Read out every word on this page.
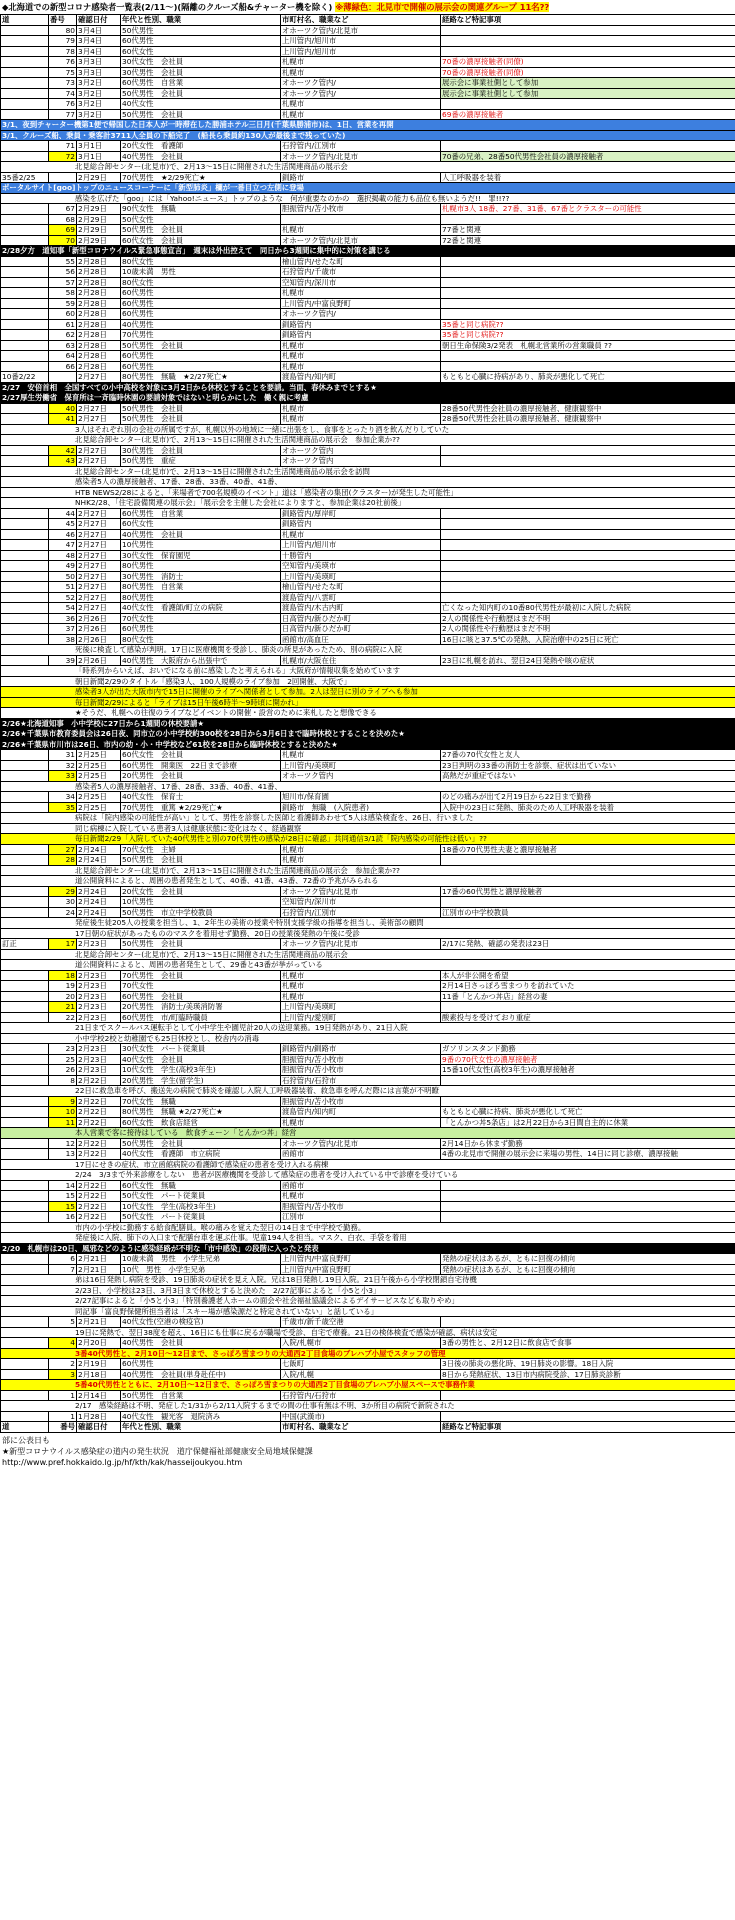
◆北海道での新型コロナ感染者一覧表(2/11〜)(隔離のクルーズ船&チャーター機を除く) ※薄緑色：北見市で開催の展示会の関連グループ 11名??
道	番号	確認日付	年代と性別、職業	市町村名、職業など	経路など特記事項
	80	3月4日	50代男性	オホーツク管内/北見市	
	79	3月4日	60代男性	上川管内/旭川市	
	78	3月4日	60代女性	上川管内/旭川市	
	76	3月3日	30代女性　会社員	札幌市	70番の濃厚接触者(同僚)
	75	3月3日	30代男性　会社員	札幌市	70番の濃厚接触者(同僚)
	73	3月2日	60代男性　自営業	オホーツク管内/	展示会に事業社側として参加
	74	3月2日	50代男性　会社員	オホーツク管内/	展示会に事業社側として参加
	76	3月2日	40代女性	札幌市	
	77	3月2日	50代男性　会社員	札幌市	69番の濃厚接触者
3/1、夜到チャーター機第1便で帰国した日本人が一時滞在した勝浦ホテル三日月(千葉県勝浦市)は、1日、営業を再開					
3/1、クルーズ船、乗員・乗客計3711人全員の下船完了　(船長ら乗員約130人が最後まで残っていた)					
	71	3月1日	20代女性　看護師	石狩管内/江別市	
	72	3月1日	40代男性　会社員	オホーツク管内/北見市	70番の兄弟、28番50代男性会社員の濃厚接触者
北見総合卸センター(北見市)で、2月13〜15日に開催された生活関連商品の展示会					
35番2/25		2月29日	70代男性　★2/29死亡★	釧路市	人工呼吸器を装着
ポータルサイト[goo]トップのニュースコーナーに「新型肺炎」欄が一番目立つ左側に登場					
感染を広げた「goo」には「Yahoo!ニュース」トップのような　何が重要なのかの　選択掲載の能力も品位も無いようだ!!　罪!!??					
	67	2月29日	90代女性　無職	胆振管内/苫小牧市	札幌市3人 18番、27番、31番、67番とクラスターの可能性
	68	2月29日	50代女性		
	69	2月29日	50代男性　会社員	札幌市	77番と関連
	70	2月29日	60代女性　会社員	オホーツク管内/北見市	72番と関連
2/28夕方　道知事「新型コロナウイルス緊急事態宣言」　週末は外出控えて　同日から3週間に集中的に対策を講じる					
	55	2月28日	80代女性	檜山管内/せたな町	
	56	2月28日	10歳未満　男性	石狩管内/千歳市	
	57	2月28日	80代女性	空知管内/深川市	
	58	2月28日	60代男性	札幌市	
	59	2月28日	60代男性	上川管内/中富良野町	
	60	2月28日	60代男性	オホーツク管内/	
	61	2月28日	40代男性	釧路管内	35番と同じ病院??
	62	2月28日	70代男性	釧路管内	35番と同じ病院??
	63	2月28日	50代男性　会社員	札幌市	朝日生命保険3/2発表　札幌北営業所の営業職員 ??
	64	2月28日	60代男性	札幌市	
	66	2月28日	60代男性	札幌市	
10番2/22		2月27日	80代男性　無職　★2/27死亡★	渡島管内/知内町	もともと心臓に持病があり、肺炎が悪化して死亡
2/27　安倍首相　全国すべての小中高校を対象に3月2日から休校とすることを要請。当面、春休みまでとする★					
2/27厚生労働省　保育所は一斉臨時休園の要請対象ではないと明らかにした　働く親に考慮					
	40	2月27日	50代男性　会社員	札幌市	28番50代男性会社員の濃厚接触者、健康観察中
	41	2月27日	50代男性　会社員	札幌市	28番50代男性会社員の濃厚接触者、健康観察中
3人はそれぞれ別の会社の所属ですが、札幌以外の地域に一緒に出張をし、食事をとったり酒を飲んだりしていた					
北見総合卸センター(北見市)で、2月13〜15日に開催された生活関連商品の展示会　参加企業か??					
	42	2月27日	30代男性　会社員	オホーツク管内	
	43	2月27日	50代男性　重症	オホーツク管内	
北見総合卸センター(北見市)で、2月13〜15日に開催された生活関連商品の展示会を訪問					
感染者5人の濃厚接触者、17番、28番、33番、40番、41番、					
HTB NEWS2/28によると、「来場者で700名規模のイベント」道は「感染者の集団(クラスター)が発生した可能性」					
NHK2/28、「住宅設備関連の展示会」「展示会を主催した会社によりますと、参加企業は20社前後」					
	44	2月27日	60代男性　自営業	釧路管内/厚岸町	
	45	2月27日	60代女性	釧路管内	
	46	2月27日	40代男性　会社員	札幌市	
	47	2月27日	10代男性	上川管内/旭川市	
	48	2月27日	30代女性　保育園児	十勝管内	
	49	2月27日	80代男性	空知管内/美瑛市	
	50	2月27日	30代男性　消防士	上川管内/美瑛町	
	51	2月27日	80代男性　自営業	檜山管内/せたな町	
	52	2月27日	80代男性	渡島管内/八雲町	
	54	2月27日	40代女性　看護師/町立の病院	渡島管内/木古内町	亡くなった知内町の10番80代男性が最初に入院した病院
	36	2月26日	70代女性	日高管内/新ひだか町	2人の関係性や行動歴はまだ不明
	37	2月26日	60代男性	日高管内/新ひだか町	2人の関係性や行動歴はまだ不明
	38	2月26日	80代女性	函館市/高血圧	16日に咳と37.5℃の発熱、入院治療中の25日に死亡
死後に検査して感染が判明。17日に医療機関を受診し、肺炎の所見があったため、別の病院に入院					
	39	2月26日	40代男性　大阪府から出張中で	札幌市/大阪在住	23日に札幌を訪れ、翌日24日発熱や咳の症状
「時系列からいえば、おいでになる前に感染したと考えられる」大阪府が情報収集を始めています					
朝日新聞2/29のタイトル「感染3人、100人規模のライブ参加　2回開催、大阪で」					
感染者3人が出た大阪市内で15日に開催のライブへ関係者として参加。2人は翌日に別のライブへも参加					
毎日新聞2/29によると「ライブは15日午後6時半〜9時頃に開かれ」					
★そうだ、札幌への往復のライブなどイベントの開催・設営のために来札したと想像できる					
2/26★北海道知事　小中学校に27日から1週間の休校要請★					
2/26★千葉県市教育委員会は26日夜、同市立の小中学校約300校を28日から3月6日まで臨時休校とすることを決めた★					
2/26★千葉県市川市は26日、市内の幼・小・中学校など61校を28日から臨時休校とすると決めた★					
	31	2月25日	60代女性　会社員	札幌市	27番の70代女性と友人
	32	2月25日	60代男性　開業医　22日まで診療	上川管内/美瑛町	23日判明の33番の消防士を診察、症状は出ていない
	33	2月25日	20代男性　会社員	オホーツク管内	高熱だが重症ではない
感染者5人の濃厚接触者、17番、28番、33番、40番、41番、					
	34	2月25日	40代女性　保育士	旭川市/保育園	のどの痛みが出て2月19日から22日まで勤務
	35	2月25日	70代男性　重篤 ★2/29死亡★	釧路市　無職　(入院患者)	入院中の23日に発熱、肺炎のため人工呼吸器を装着
病院は「院内感染の可能性が高い」として、男性を診察した医師と看護師あわせて5人は感染検査を、26日、行いました					
同じ病棟に入院している患者3人は健康状態に変化はなく、経過観察					
毎日新聞2/29「入院していた40代男性と別の70代男性の感染が28日に確認」共同通信3/1読「院内感染の可能性は低い」??					
	27	2月24日	70代女性　主婦	札幌市	18番の70代男性夫妻と濃厚接触者
	28	2月24日	50代男性　会社員	札幌市	
北見総合卸センター(北見市)で、2月13〜15日に開催された生活関連商品の展示会　参加企業か??					
道公開資料によると、周囲の患者発生として、40番、41番、43番、72番の予兆がみられる					
	29	2月24日	20代女性　会社員	オホーツク管内/北見市	17番の60代男性と濃厚接触者
	30	2月24日	10代男性	空知管内/深川市	
	24	2月24日	50代男性　市立中学校教員	石狩管内/江別市	江別市の中学校教員
発症後生徒205人の授業を担当し、1、2年生の美術の授業や特別支援学級の指導を担当し、美術部の顧問					
17日朝の症状があったもののマスクを着用せず勤務、20日の授業後発熱の午後に受診					
訂正	17	2月23日	50代男性　会社員	オホーツク管内/北見市	2/17に発熱、確認の発表は23日
北見総合卸センター(北見市)で、2月13〜15日に開催された生活関連商品の展示会					
道公開資料によると、周囲の患者発生として、29番と43番が挙がっている					
	18	2月23日	70代男性　会社員	札幌市	本人が非公開を希望
	19	2月23日	70代女性	札幌市	2月14日さっぽろ雪まつりを訪れていた
	20	2月23日	60代男性　会社員	札幌市	11番「とんかつ丼店」経営の妻
	21	2月23日	20代男性　消防士/美瑛消防署	上川管内/美瑛町	
	22	2月23日	60代男性　市/町臨時職員	上川管内/愛別町	酸素投与を受けており重症
21日までスクールバス運転手として小中学生や園児計20人の送迎業務。19日発熱があり、21日入院					
小中学校2校と幼稚園でも25日休校とし、校舎内の消毒					
	23	2月23日	30代女性　パート従業員	釧路管内/釧路市	ガソリンスタンド勤務
	25	2月23日	40代女性　会社員	胆振管内/苫小牧市	9番の70代女性の濃厚接触者
	26	2月23日	10代女性　学生(高校3年生)	胆振管内/苫小牧市	15番10代女性(高校3年生)の濃厚接触者
	8	2月22日	20代男性　学生(留学生)	石狩管内/石狩市	
22日に救急車を呼び、搬送先の病院で肺炎を確認し入院人工呼吸器装着、救急車を呼んだ際には言葉が不明瞭					
	9	2月22日	70代女性　無職	胆振管内/苫小牧市	
	10	2月22日	80代男性　無職 ★2/27死亡★	渡島管内/知内町	もともと心臓に持病、肺炎が悪化して死亡
	11	2月22日	60代女性　飲食店経営	札幌市	「とんかつ丼5条店」は2月22日から3日間自主的に休業
本人営業で客に接待はしている　飲食チェーン「とんかつ丼」経営					
	12	2月22日	50代男性　会社員	オホーツク管内/北見市	2月14日から休まず勤務
	13	2月22日	40代女性　看護師　市立病院	函館市	4番の北見市で開催の展示会に来場の男性、14日に同じ診療、濃厚接触
17日にせきの症状、市立函館病院の看護師で感染症の患者を受け入れる病棟					
2/24　3/3まで外来診療をしない　患者が医療機関を受診して感染症の患者を受け入れている中で診療を受けている					
	14	2月22日	60代女性　無職	函館市	
	15	2月22日	50代女性　パート従業員	札幌市	
	15	2月22日	10代女性　学生(高校3年生)	胆振管内/苫小牧市	
	16	2月22日	50代女性　パート従業員	江別市	
市内の小学校に勤務する給食配膳員。喉の痛みを覚えた翌日の14日まで中学校で勤務。					
発症後に入院、肺下の入口まで配膳台車を運ぶ仕事。児童194人を担当。マスク、白衣、手袋を着用					
2/20　札幌市は20日、風邪などのように感染経路が不明な「市中感染」の段階に入ったと発表					
	6	2月21日	10歳未満　男性　小学生兄弟	上川管内/中富良野町	発熱の症状はあるが、ともに回復の傾向
	7	2月21日	10代　男性　小学生兄弟	上川管内/中富良野町	発熱の症状はあるが、ともに回復の傾向
弟は16日発熱し病院を受診、19日肺炎の症状を見え入院。兄は18日発熱し19日入院。21日午後から小学校閉鎖自宅待機					
2/23日、小学校は23日、3月3日まで休校とすると決めた　2/27記事によると「小5と小3」					
2/27記事によると「小5と小3」「特別養護老人ホームの面会や社会福祉協議会によるデイサービスなども取りやめ」					
同記事「富良野保健所担当者は「スキー場が感染源だと特定されていない」と話している」					
	5	2月21日	40代女性(空港の検疫官)	千歳市/新千歳空港	
19日に発熱で、翌日38度を超え、16日にも仕事に戻るが職場で受診、自宅で療養。21日の検体検査で感染が確認、病状は安定					
	4	2月20日	40代男性　会社員	入院/札幌市	3番の男性と、2月12日に飲食店で食事
3番40代男性と、2月10日〜12日まで、さっぽろ雪まつりの大通西2丁目食場のブレハブ小屋でスタッフの管理					
	2	2月19日	60代男性	七飯町	3日後の肺炎の悪化時、19日肺炎の影響。18日入院
	3	2月18日	40代男性　会社員(単身赴任中)	入院/札幌	8日から発熱症状、13日市内病院受診、17日肺炎診断
5番40代男性とともに、2月10日〜12日まで、さっぽろ雪まつりの大通西2丁目食場のブレハブ小屋スペースで事務作業					
	1	2月14日	50代男性　自営業	石狩管内/石狩市	
2/17　感染経路は不明、発症した1/31から2/11入院するまでの間の仕事有無は不明、3か所目の病院で新院された					
	1	1月28日	40代女性　観光客　退院済み	中国(武漢市)	
道	番号	確認日付	年代と性別、職業	市町村名、職業など	経路など特記事項
部に公表日も
★新型コロナウイルス感染症の道内の発生状況　道庁保健福祉部健康安全局地域保健課
http://www.pref.hokkaido.lg.jp/hf/kth/kak/hasseijoukyou.htm
